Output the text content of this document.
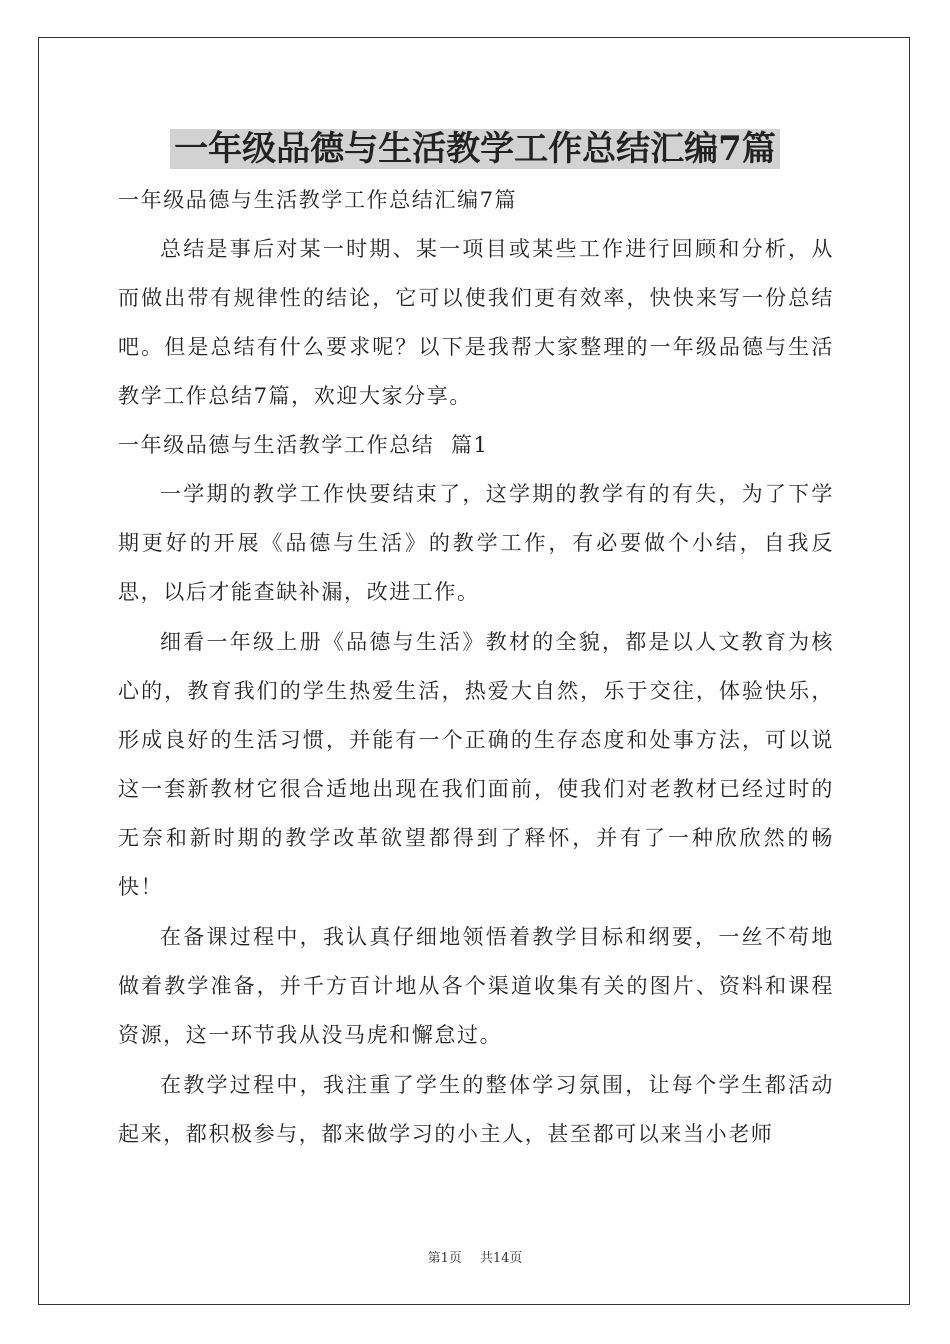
一年级品德与生活教学工作总结汇编7篇

一年级品德与生活教学工作总结汇编7篇

总结是事后对某一时期、某一项目或某些工作进行回顾和分析，从而做出带有规律性的结论，它可以使我们更有效率，快快来写一份总结吧。但是总结有什么要求呢？以下是我帮大家整理的一年级品德与生活教学工作总结7篇，欢迎大家分享。

一年级品德与生活教学工作总结  篇1

一学期的教学工作快要结束了，这学期的教学有的有失，为了下学期更好的开展《品德与生活》的教学工作，有必要做个小结，自我反思，以后才能查缺补漏，改进工作。

细看一年级上册《品德与生活》教材的全貌，都是以人文教育为核心的，教育我们的学生热爱生活，热爱大自然，乐于交往，体验快乐，形成良好的生活习惯，并能有一个正确的生存态度和处事方法，可以说这一套新教材它很合适地出现在我们面前，使我们对老教材已经过时的无奈和新时期的教学改革欲望都得到了释怀，并有了一种欣欣然的畅快！

在备课过程中，我认真仔细地领悟着教学目标和纲要，一丝不苟地做着教学准备，并千方百计地从各个渠道收集有关的图片、资料和课程资源，这一环节我从没马虎和懈怠过。

在教学过程中，我注重了学生的整体学习氛围，让每个学生都活动起来，都积极参与，都来做学习的小主人，甚至都可以来当小老师

第1页 共14页
